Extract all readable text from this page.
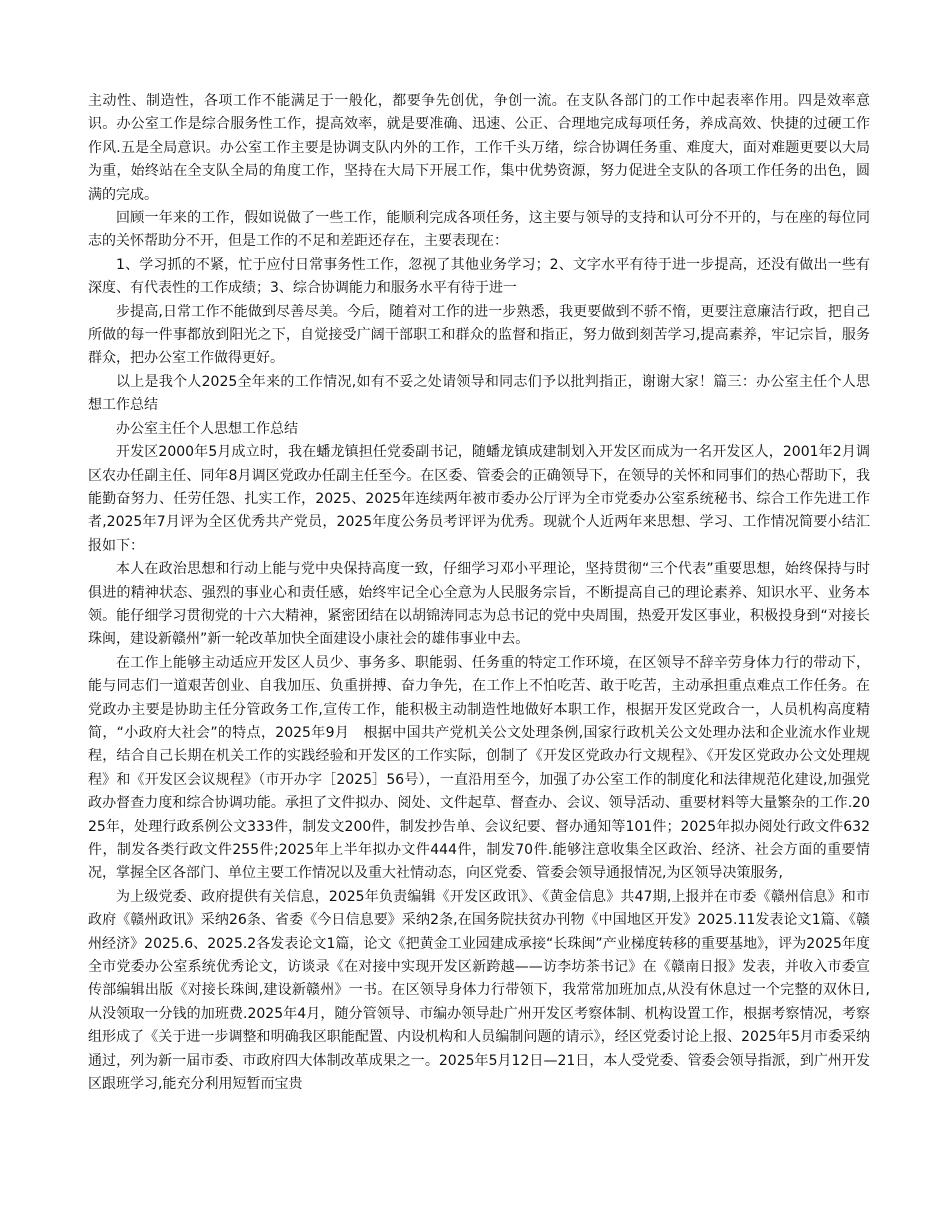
主动性、制造性，各项工作不能满足于一般化，都要争先创优，争创一流。在支队各部门的工作中起表率作用。四是效率意识。办公室工作是综合服务性工作，提高效率，就是要准确、迅速、公正、合理地完成每项任务，养成高效、快捷的过硬工作作风.五是全局意识。办公室工作主要是协调支队内外的工作，工作千头万绪，综合协调任务重、难度大，面对难题更要以大局为重，始终站在全支队全局的角度工作，坚持在大局下开展工作，集中优势资源，努力促进全支队的各项工作任务的出色，圆满的完成。

回顾一年来的工作，假如说做了一些工作，能顺利完成各项任务，这主要与领导的支持和认可分不开的，与在座的每位同志的关怀帮助分不开，但是工作的不足和差距还存在，主要表现在：

1、学习抓的不紧，忙于应付日常事务性工作，忽视了其他业务学习；2、文字水平有待于进一步提高，还没有做出一些有深度、有代表性的工作成绩；3、综合协调能力和服务水平有待于进一

步提高,日常工作不能做到尽善尽美。今后，随着对工作的进一步熟悉，我更要做到不骄不惰，更要注意廉洁行政，把自己所做的每一件事都放到阳光之下，自觉接受广阔干部职工和群众的监督和指正，努力做到刻苦学习,提高素养，牢记宗旨，服务群众，把办公室工作做得更好。

以上是我个人2025全年来的工作情况,如有不妥之处请领导和同志们予以批判指正，谢谢大家！篇三：办公室主任个人思想工作总结

办公室主任个人思想工作总结

开发区2000年5月成立时，我在蟠龙镇担任党委副书记，随蟠龙镇成建制划入开发区而成为一名开发区人，2001年2月调区农办任副主任、同年8月调区党政办任副主任至今。在区委、管委会的正确领导下，在领导的关怀和同事们的热心帮助下，我能勤奋努力、任劳任怨、扎实工作，2025、2025年连续两年被市委办公厅评为全市党委办公室系统秘书、综合工作先进工作者,2025年7月评为全区优秀共产党员，2025年度公务员考评评为优秀。现就个人近两年来思想、学习、工作情况简要小结汇报如下：

本人在政治思想和行动上能与党中央保持高度一致，仔细学习邓小平理论，坚持贯彻“三个代表”重要思想，始终保持与时俱进的精神状态、强烈的事业心和责任感，始终牢记全心全意为人民服务宗旨，不断提高自己的理论素养、知识水平、业务本领。能仔细学习贯彻党的十六大精神，紧密团结在以胡锦涛同志为总书记的党中央周围，热爱开发区事业，积极投身到“对接长珠闽，建设新赣州”新一轮改革加快全面建设小康社会的雄伟事业中去。

在工作上能够主动适应开发区人员少、事务多、职能弱、任务重的特定工作环境，在区领导不辞辛劳身体力行的带动下，能与同志们一道艰苦创业、自我加压、负重拼搏、奋力争先，在工作上不怕吃苦、敢于吃苦，主动承担重点难点工作任务。在党政办主要是协助主任分管政务工作,宣传工作，能积极主动制造性地做好本职工作，根据开发区党政合一，人员机构高度精简，“小政府大社会”的特点，2025年9月　根据中国共产党机关公文处理条例,国家行政机关公文处理办法和企业流水作业规程，结合自己长期在机关工作的实践经验和开发区的工作实际，创制了《开发区党政办行文规程》、《开发区党政办公文处理规程》和《开发区会议规程》（市开办字［2025］56号），一直沿用至今，加强了办公室工作的制度化和法律规范化建设,加强党政办督查力度和综合协调功能。承担了文件拟办、阅处、文件起草、督查办、会议、领导活动、重要材料等大量繁杂的工作.2025年，处理行政系例公文333件，制发文200件，制发抄告单、会议纪要、督办通知等101件；2025年拟办阅处行政文件632件，制发各类行政文件255件;2025年上半年拟办文件444件，制发70件.能够注意收集全区政治、经济、社会方面的重要情况，掌握全区各部门、单位主要工作情况以及重大社情动态，向区党委、管委会领导通报情况,为区领导决策服务,

为上级党委、政府提供有关信息，2025年负责编辑《开发区政讯》、《黄金信息》共47期,上报并在市委《赣州信息》和市政府《赣州政讯》采纳26条、省委《今日信息要》采纳2条,在国务院扶贫办刊物《中国地区开发》2025.11发表论文1篇、《赣州经济》2025.6、2025.2各发表论文1篇，论文《把黄金工业园建成承接“长珠闽”产业梯度转移的重要基地》，评为2025年度全市党委办公室系统优秀论文，访谈录《在对接中实现开发区新跨越——访李坊茶书记》在《赣南日报》发表，并收入市委宣传部编辑出版《对接长珠闽,建设新赣州》一书。在区领导身体力行带领下，我常常加班加点,从没有休息过一个完整的双休日,从没领取一分钱的加班费.2025年4月，随分管领导、市编办领导赴广州开发区考察体制、机构设置工作，根据考察情况，考察组形成了《关于进一步调整和明确我区职能配置、内设机构和人员编制问题的请示》，经区党委讨论上报、2025年5月市委采纳通过，列为新一届市委、市政府四大体制改革成果之一。2025年5月12日—21日，本人受党委、管委会领导指派，到广州开发区跟班学习,能充分利用短暂而宝贵
